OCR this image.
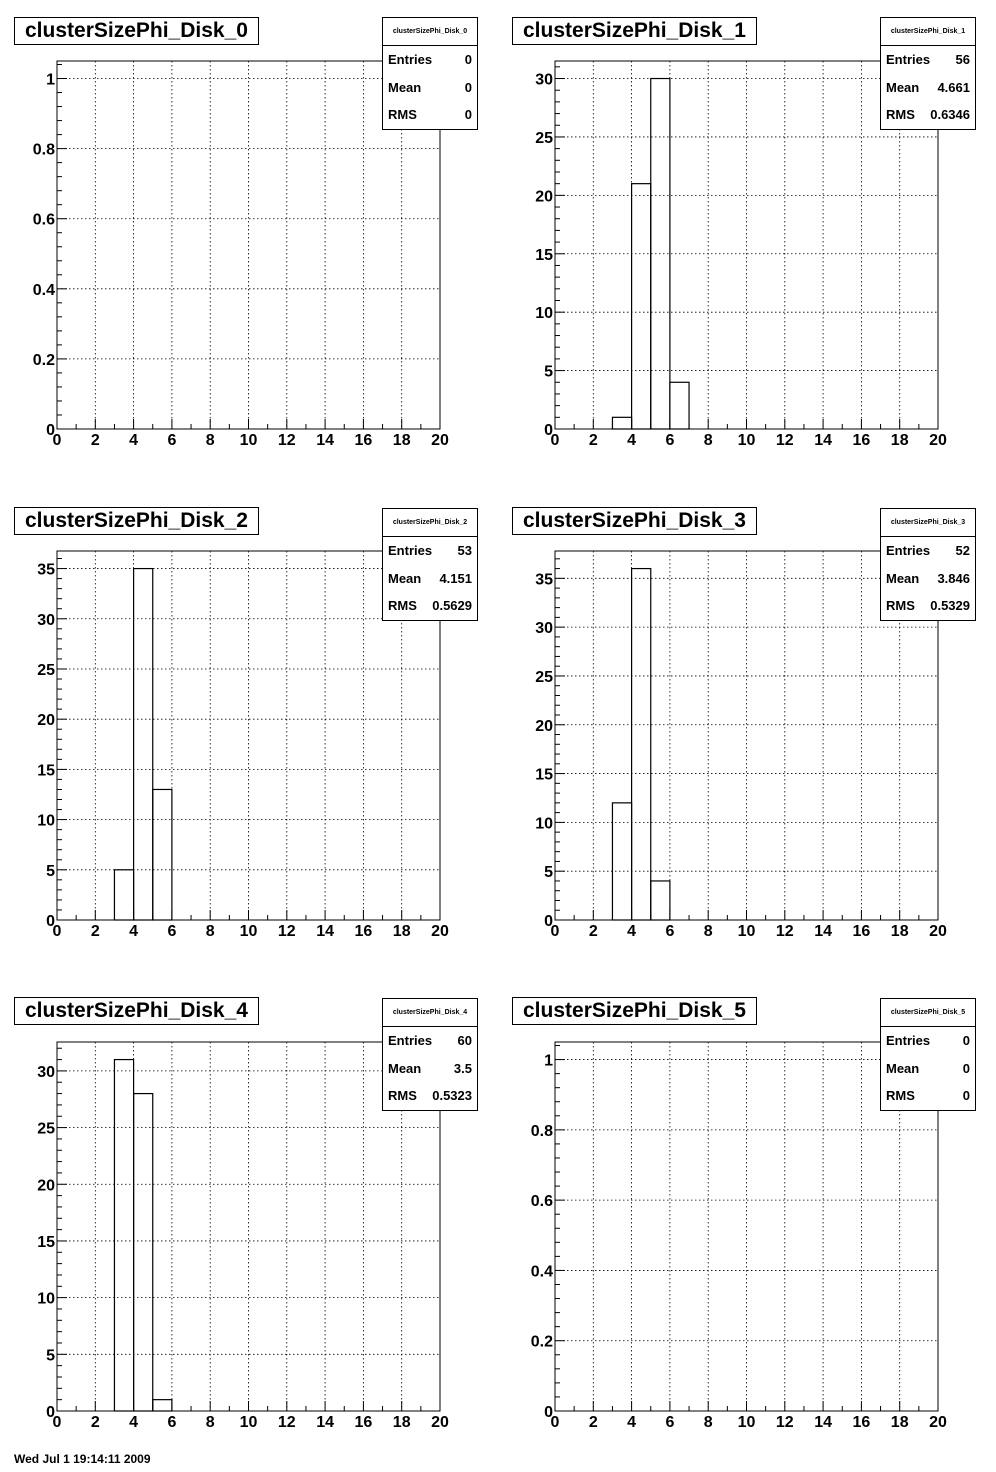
0 2 4 6 8 10 12 14 16 18 20
0
0.2
0.4
0.6
0.8
1
0 2 4 6 8 10 12 14 16 18 20
0
5
10
15
20
25
30
0 2 4 6 8 10 12 14 16 18 20
0
5
10
15
20
25
30
35
0 2 4 6 8 10 12 14 16 18 20
0
5
10
15
20
25
30
35
0 2 4 6 8 10 12 14 16 18 20
0
5
10
15
20
25
30
0 2 4 6 8 10 12 14 16 18 20
0
0.2
0.4
0.6
0.8
1
Wed Jul 1 19:14:11 2009
clusterSizePhi_Disk_0	clusterSizePhi_Disk_0
Entries	0
Mean	0
RMS	0
clusterSizePhi_Disk_1	clusterSizePhi_Disk_1
Entries 56
Mean 4.661
RMS 0.6346
clusterSizePhi_Disk_2	clusterSizePhi_Disk_2
Entries 53
Mean 4.151
RMS 0.5629
clusterSizePhi_Disk_3	clusterSizePhi_Disk_3
Entries 52
Mean 3.846
RMS 0.5329
clusterSizePhi_Disk_4	clusterSizePhi_Disk_4
Entries 60
Mean	3.5
RMS 0.5323
clusterSizePhi_Disk_5	clusterSizePhi_Disk_5
Entries	0
Mean	0
RMS	0
